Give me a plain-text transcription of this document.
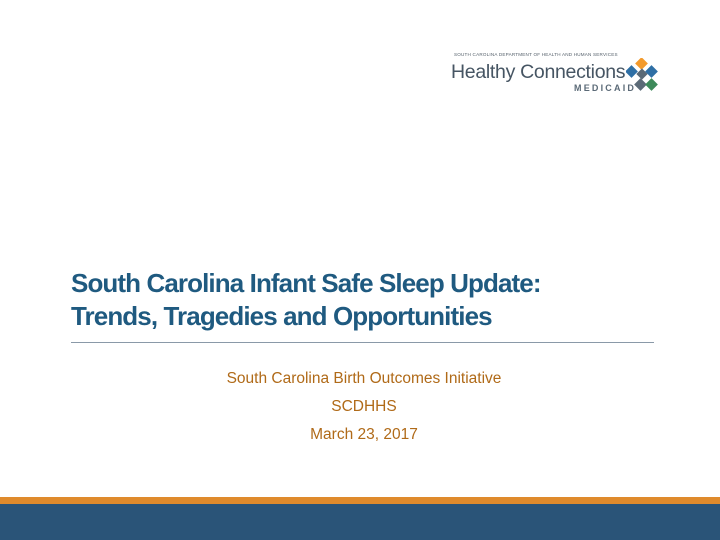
SOUTH CAROLINA DEPARTMENT OF HEALTH AND HUMAN SERVICES
Healthy Connections
MEDICAID
South Carolina Infant Safe Sleep Update:
Trends, Tragedies and Opportunities
South Carolina Birth Outcomes Initiative
SCDHHS
March 23, 2017
